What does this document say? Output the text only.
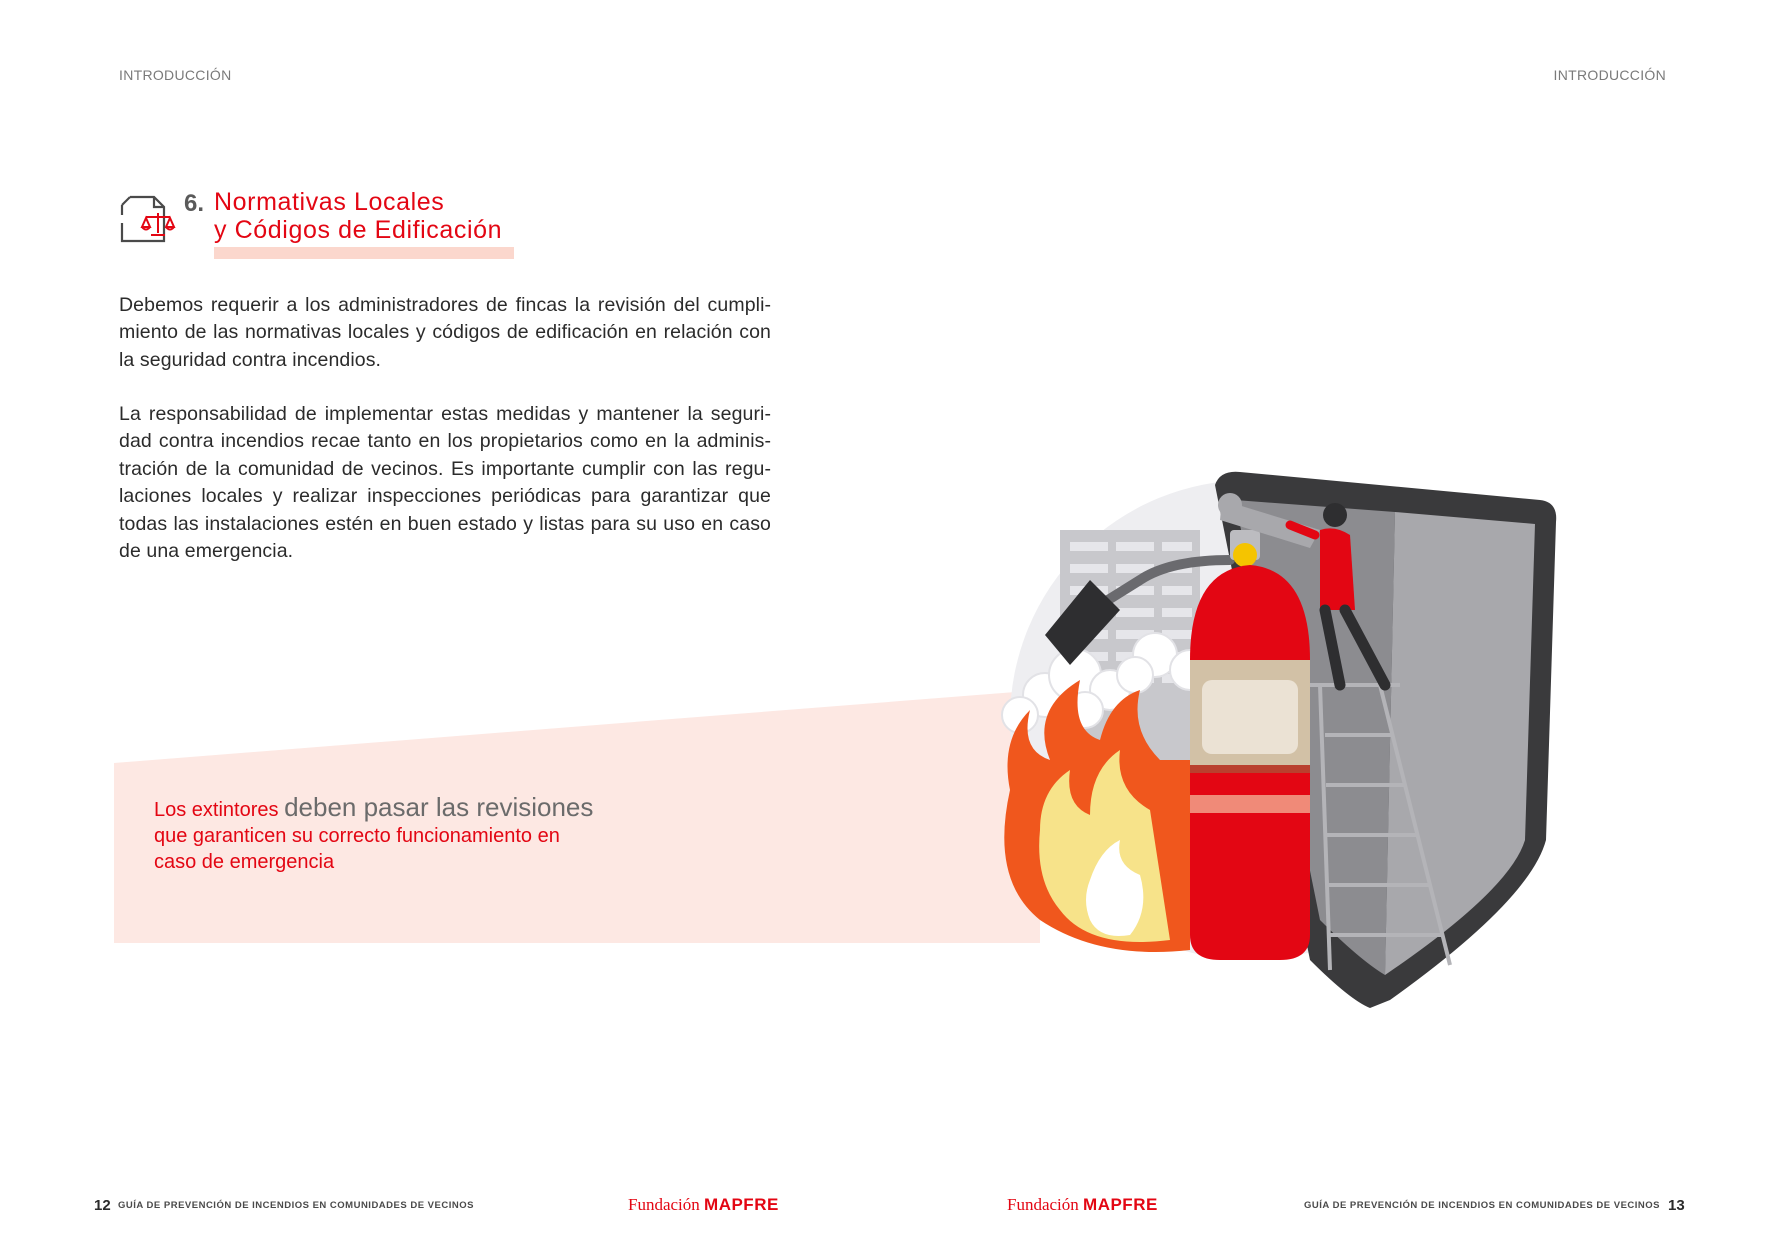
INTRODUCCIÓN	INTRODUCCIÓN
6. Normativas Locales
y Códigos de Edificación

Debemos requerir a los administradores de fincas la revisión del cumplimiento de las normativas locales y códigos de edificación en relación con la seguridad contra incendios.

La responsabilidad de implementar estas medidas y mantener la seguridad contra incendios recae tanto en los propietarios como en la administración de la comunidad de vecinos. Es importante cumplir con las regulaciones locales y realizar inspecciones periódicas para garantizar que todas las instalaciones estén en buen estado y listas para su uso en caso de una emergencia.

Los extintores deben pasar las revisiones que garanticen su correcto funcionamiento en caso de emergencia
12 GUÍA DE PREVENCIÓN DE INCENDIOS EN COMUNIDADES DE VECINOS	Fundación MAPFRE	Fundación MAPFRE	GUÍA DE PREVENCIÓN DE INCENDIOS EN COMUNIDADES DE VECINOS 13
